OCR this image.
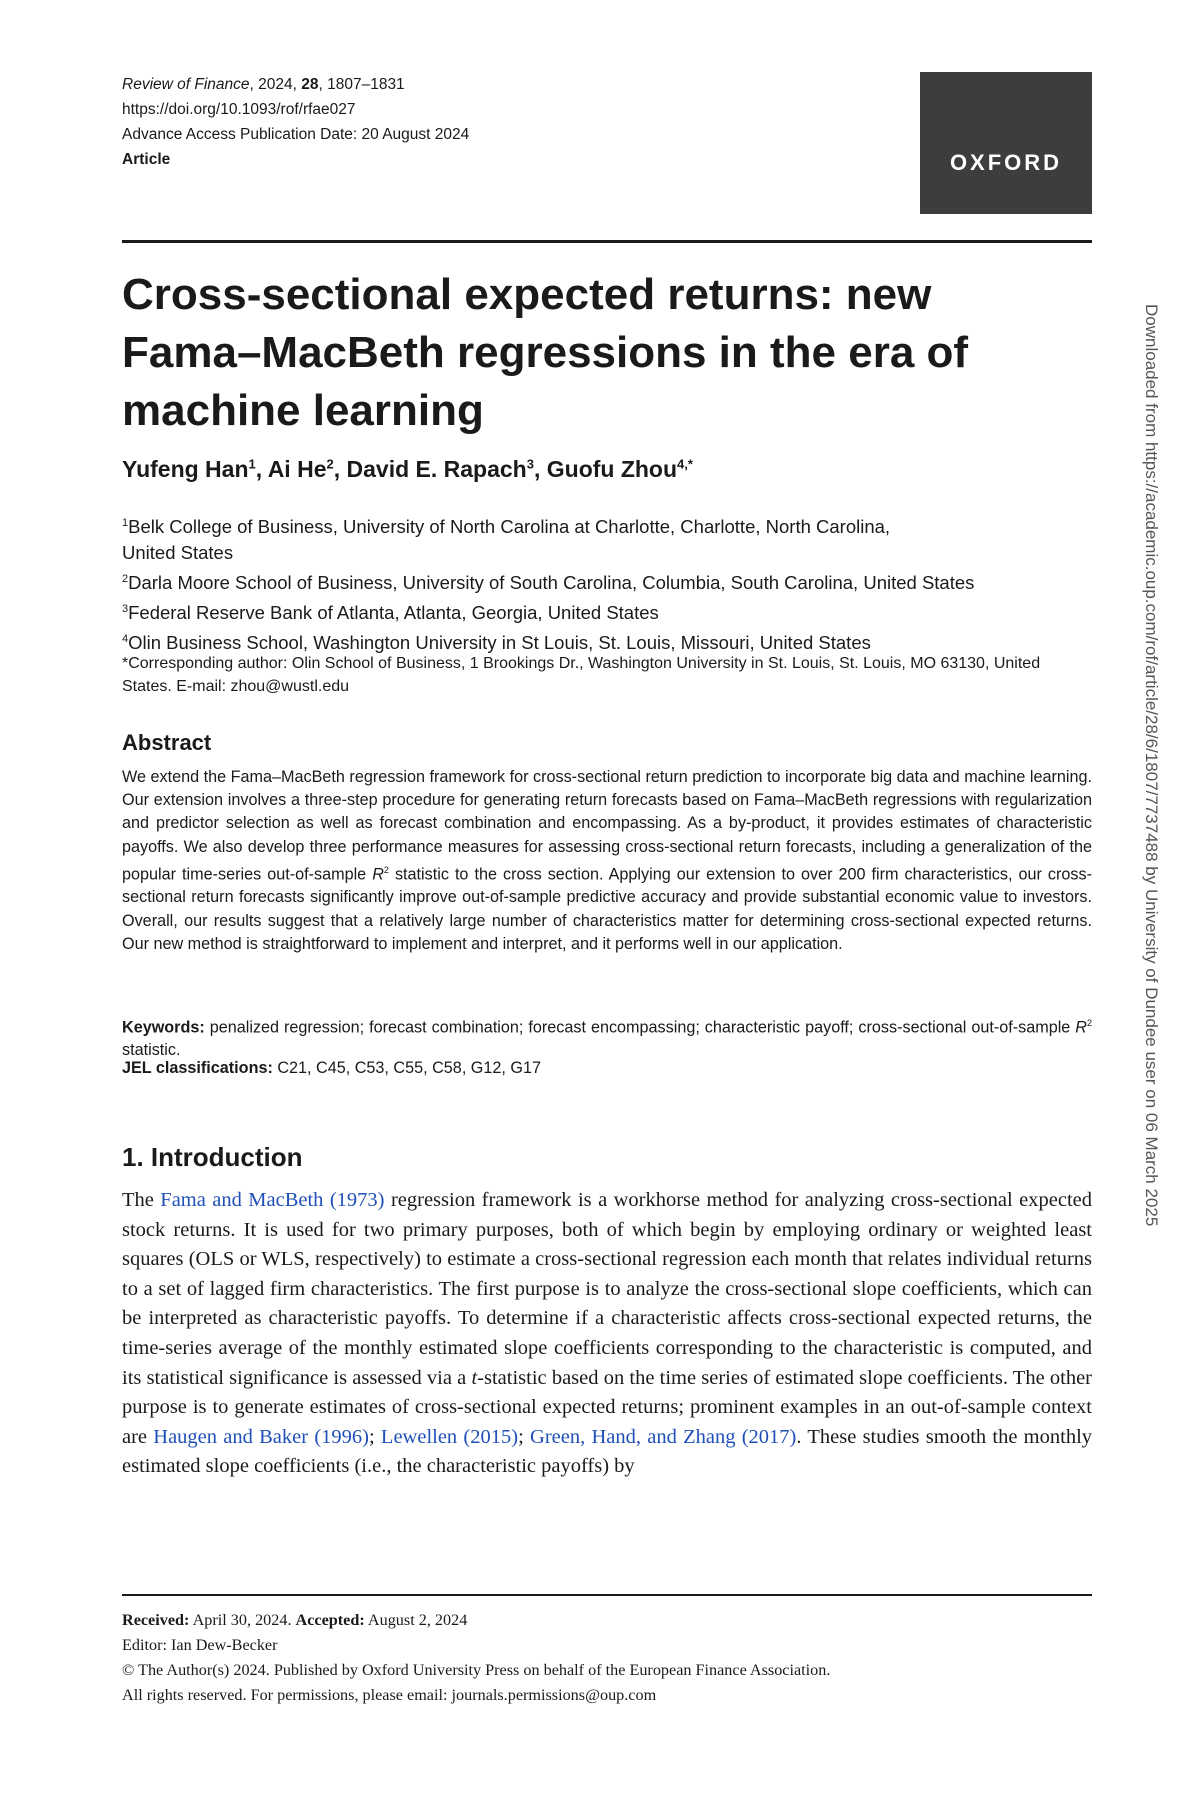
Review of Finance, 2024, 28, 1807–1831
https://doi.org/10.1093/rof/rfae027
Advance Access Publication Date: 20 August 2024
Article	OXFORD
Cross-sectional expected returns: new Fama–MacBeth regressions in the era of machine learning
Yufeng Han$^1$, Ai He$^2$, David E. Rapach$^3$, Guofu Zhou$^{4,*}$
$^1$Belk College of Business, University of North Carolina at Charlotte, Charlotte, North Carolina,
United States
$^2$Darla Moore School of Business, University of South Carolina, Columbia, South Carolina, United States
$^3$Federal Reserve Bank of Atlanta, Atlanta, Georgia, United States
$^4$Olin Business School, Washington University in St Louis, St. Louis, Missouri, United States
*Corresponding author: Olin School of Business, 1 Brookings Dr., Washington University in St. Louis, St. Louis, MO 63130, United States. E-mail: zhou@wustl.edu
Abstract

We extend the Fama–MacBeth regression framework for cross-sectional return prediction to incorporate big data and machine learning. Our extension involves a three-step procedure for generating return forecasts based on Fama–MacBeth regressions with regularization and predictor selection as well as forecast combination and encompassing. As a by-product, it provides estimates of characteristic payoffs. We also develop three performance measures for assessing cross-sectional return forecasts, including a generalization of the popular time-series out-of-sample $R^2$ statistic to the cross section. Applying our extension to over 200 firm characteristics, our cross-sectional return forecasts significantly improve out-of-sample predictive accuracy and provide substantial economic value to investors. Overall, our results suggest that a relatively large number of characteristics matter for determining cross-sectional expected returns. Our new method is straightforward to implement and interpret, and it performs well in our application.

Keywords: penalized regression; forecast combination; forecast encompassing; characteristic payoff; cross-sectional out-of-sample $R^2$ statistic.

JEL classifications: C21, C45, C53, C55, C58, G12, G17
1. Introduction

The Fama and MacBeth (1973) regression framework is a workhorse method for analyzing cross-sectional expected stock returns. It is used for two primary purposes, both of which begin by employing ordinary or weighted least squares (OLS or WLS, respectively) to estimate a cross-sectional regression each month that relates individual returns to a set of lagged firm characteristics. The first purpose is to analyze the cross-sectional slope coefficients, which can be interpreted as characteristic payoffs. To determine if a characteristic affects cross-sectional expected returns, the time-series average of the monthly estimated slope coefficients corresponding to the characteristic is computed, and its statistical significance is assessed via a t-statistic based on the time series of estimated slope coefficients. The other purpose is to generate estimates of cross-sectional expected returns; prominent examples in an out-of-sample context are Haugen and Baker (1996); Lewellen (2015); Green, Hand, and Zhang (2017). These studies smooth the monthly estimated slope coefficients (i.e., the characteristic payoffs) by

Received: April 30, 2024. Accepted: August 2, 2024
Editor: Ian Dew-Becker
© The Author(s) 2024. Published by Oxford University Press on behalf of the European Finance Association.
All rights reserved. For permissions, please email: journals.permissions@oup.com
Downloaded from https://academic.oup.com/rof/article/28/6/1807/7737488 by University of Dundee user on 06 March 2025
